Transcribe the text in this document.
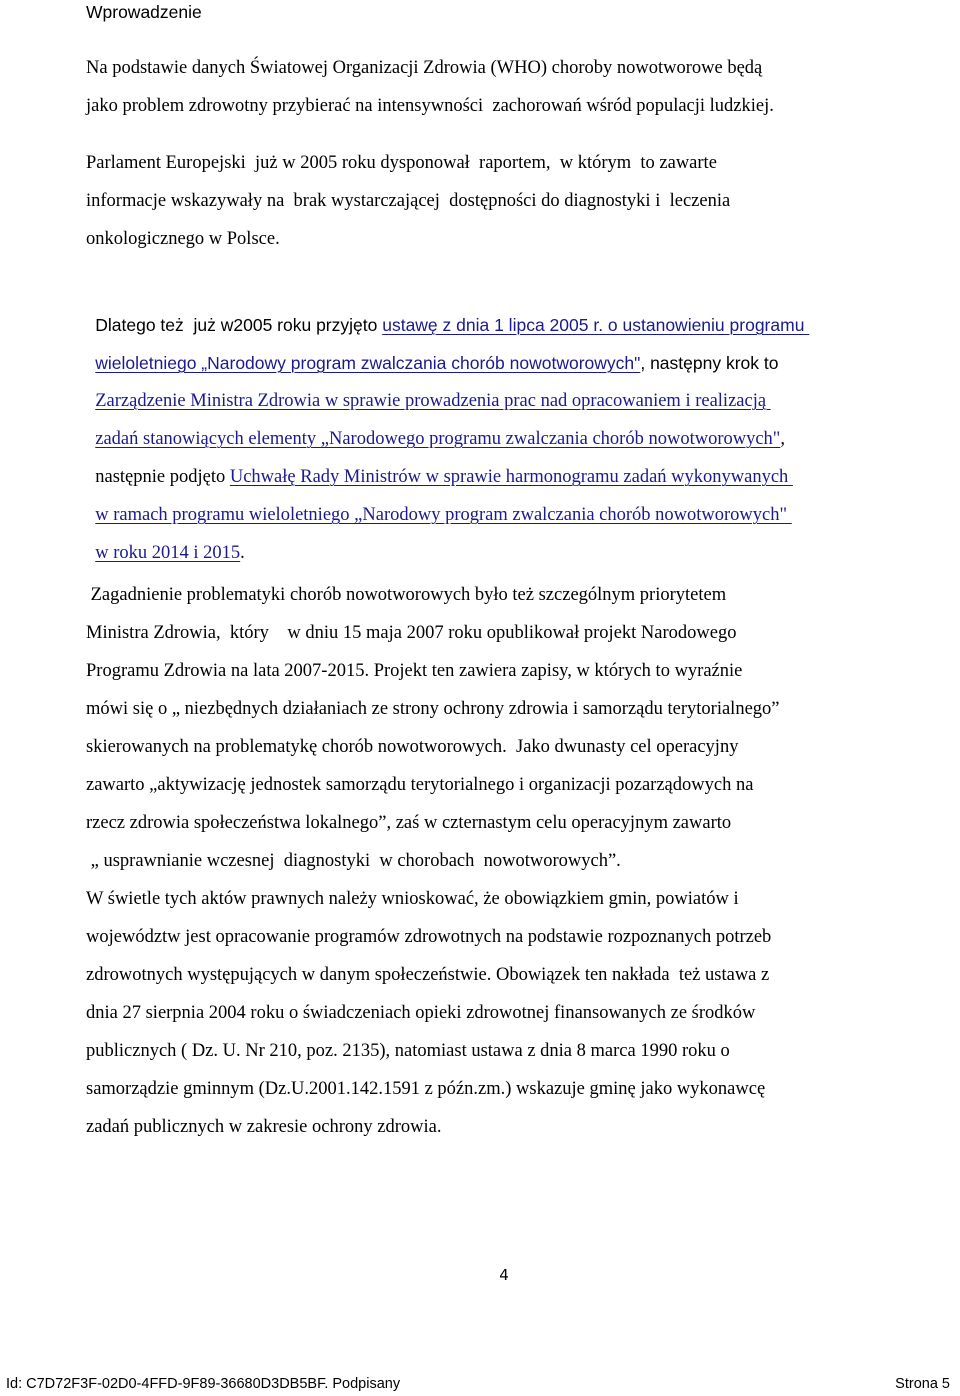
Wprowadzenie
Na podstawie danych Światowej Organizacji Zdrowia (WHO) choroby nowotworowe będą
jako problem zdrowotny przybierać na intensywności  zachorowań wśród populacji ludzkiej.
Parlament Europejski  już w 2005 roku dysponował  raportem,  w którym  to zawarte
informacje wskazywały na  brak wystarczającej  dostępności do diagnostyki i  leczenia
onkologicznego w Polsce.

Dlatego też  już w2005 roku przyjęto ustawę z dnia 1 lipca 2005 r. o ustanowieniu programu

wieloletniego „Narodowy program zwalczania chorób nowotworowych", następny krok to

Zarządzenie Ministra Zdrowia w sprawie prowadzenia prac nad opracowaniem i realizacją

zadań stanowiących elementy „Narodowego programu zwalczania chorób nowotworowych",

następnie podjęto Uchwałę Rady Ministrów w sprawie harmonogramu zadań wykonywanych

w ramach programu wieloletniego „Narodowy program zwalczania chorób nowotworowych"

w roku 2014 i 2015.

Zagadnienie problematyki chorób nowotworowych było też szczególnym priorytetem
Ministra Zdrowia,  który    w dniu 15 maja 2007 roku opublikował projekt Narodowego
Programu Zdrowia na lata 2007-2015. Projekt ten zawiera zapisy, w których to wyraźnie
mówi się o „ niezbędnych działaniach ze strony ochrony zdrowia i samorządu terytorialnego”
skierowanych na problematykę chorób nowotworowych.  Jako dwunasty cel operacyjny
zawarto „aktywizację jednostek samorządu terytorialnego i organizacji pozarządowych na
rzecz zdrowia społeczeństwa lokalnego”, zaś w czternastym celu operacyjnym zawarto
„ usprawnianie wczesnej  diagnostyki  w chorobach  nowotworowych”.
W świetle tych aktów prawnych należy wnioskować, że obowiązkiem gmin, powiatów i
województw jest opracowanie programów zdrowotnych na podstawie rozpoznanych potrzeb
zdrowotnych występujących w danym społeczeństwie. Obowiązek ten nakłada  też ustawa z
dnia 27 sierpnia 2004 roku o świadczeniach opieki zdrowotnej finansowanych ze środków
publicznych ( Dz. U. Nr 210, poz. 2135), natomiast ustawa z dnia 8 marca 1990 roku o
samorządzie gminnym (Dz.U.2001.142.1591 z późn.zm.) wskazuje gminę jako wykonawcę
zadań publicznych w zakresie ochrony zdrowia.
4
Id: C7D72F3F-02D0-4FFD-9F89-36680D3DB5BF. Podpisany	Strona 5
